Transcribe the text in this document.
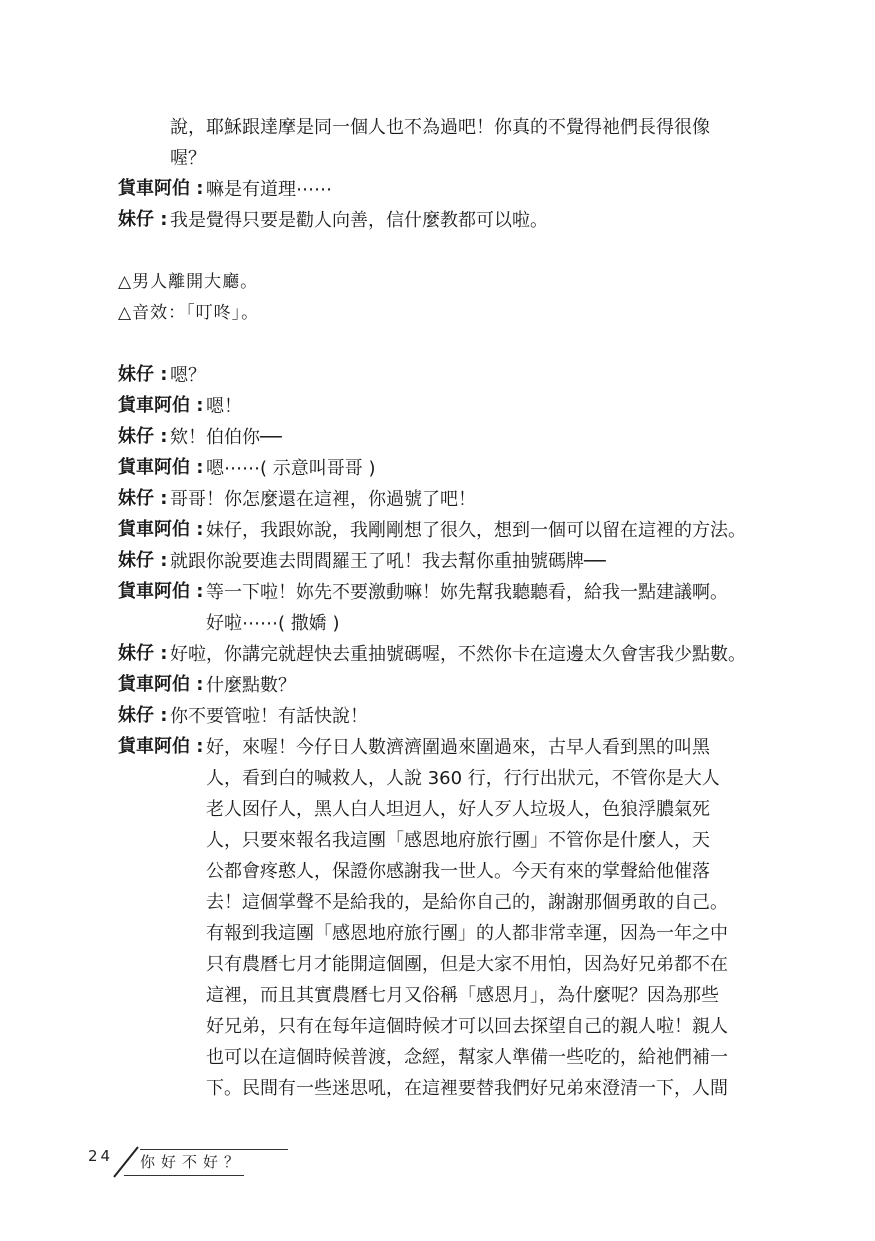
說，耶穌跟達摩是同一個人也不為過吧！你真的不覺得祂們長得很像
喔？
貨車阿伯 : 嘛是有道理⋯⋯
妹仔 : 我是覺得只要是勸人向善，信什麼教都可以啦。
△男人離開大廳。
△音效：「叮咚」。
妹仔 : 嗯？
貨車阿伯 : 嗯！
妹仔 : 欸！伯伯你──
貨車阿伯 : 嗯⋯⋯( 示意叫哥哥 )
妹仔 : 哥哥！你怎麼還在這裡，你過號了吧！
貨車阿伯 : 妹仔，我跟妳說，我剛剛想了很久，想到一個可以留在這裡的方法。
妹仔 : 就跟你說要進去問閻羅王了吼！我去幫你重抽號碼牌──
貨車阿伯 : 等一下啦！妳先不要激動嘛！妳先幫我聽聽看，給我一點建議啊。
好啦⋯⋯( 撒嬌 )
妹仔 : 好啦，你講完就趕快去重抽號碼喔，不然你卡在這邊太久會害我少點數。
貨車阿伯 : 什麼點數？
妹仔 : 你不要管啦！有話快說！
貨車阿伯 : 好，來喔！今仔日人數濟濟圍過來圍過來，古早人看到黑的叫黑
人，看到白的喊救人，人說 360 行，行行出狀元，不管你是大人
老人囡仔人，黑人白人坦迌人，好人歹人垃圾人，色狼浮膿氣死
人，只要來報名我這團「感恩地府旅行團」不管你是什麼人，天
公都會疼憨人，保證你感謝我一世人。今天有來的掌聲給他催落
去！這個掌聲不是給我的，是給你自己的，謝謝那個勇敢的自己。
有報到我這團「感恩地府旅行團」的人都非常幸運，因為一年之中
只有農曆七月才能開這個團，但是大家不用怕，因為好兄弟都不在
這裡，而且其實農曆七月又俗稱「感恩月」，為什麼呢？因為那些
好兄弟，只有在每年這個時候才可以回去探望自己的親人啦！親人
也可以在這個時候普渡，念經，幫家人準備一些吃的，給祂們補一
下。民間有一些迷思吼，在這裡要替我們好兄弟來澄清一下，人間
24 你好不好？
